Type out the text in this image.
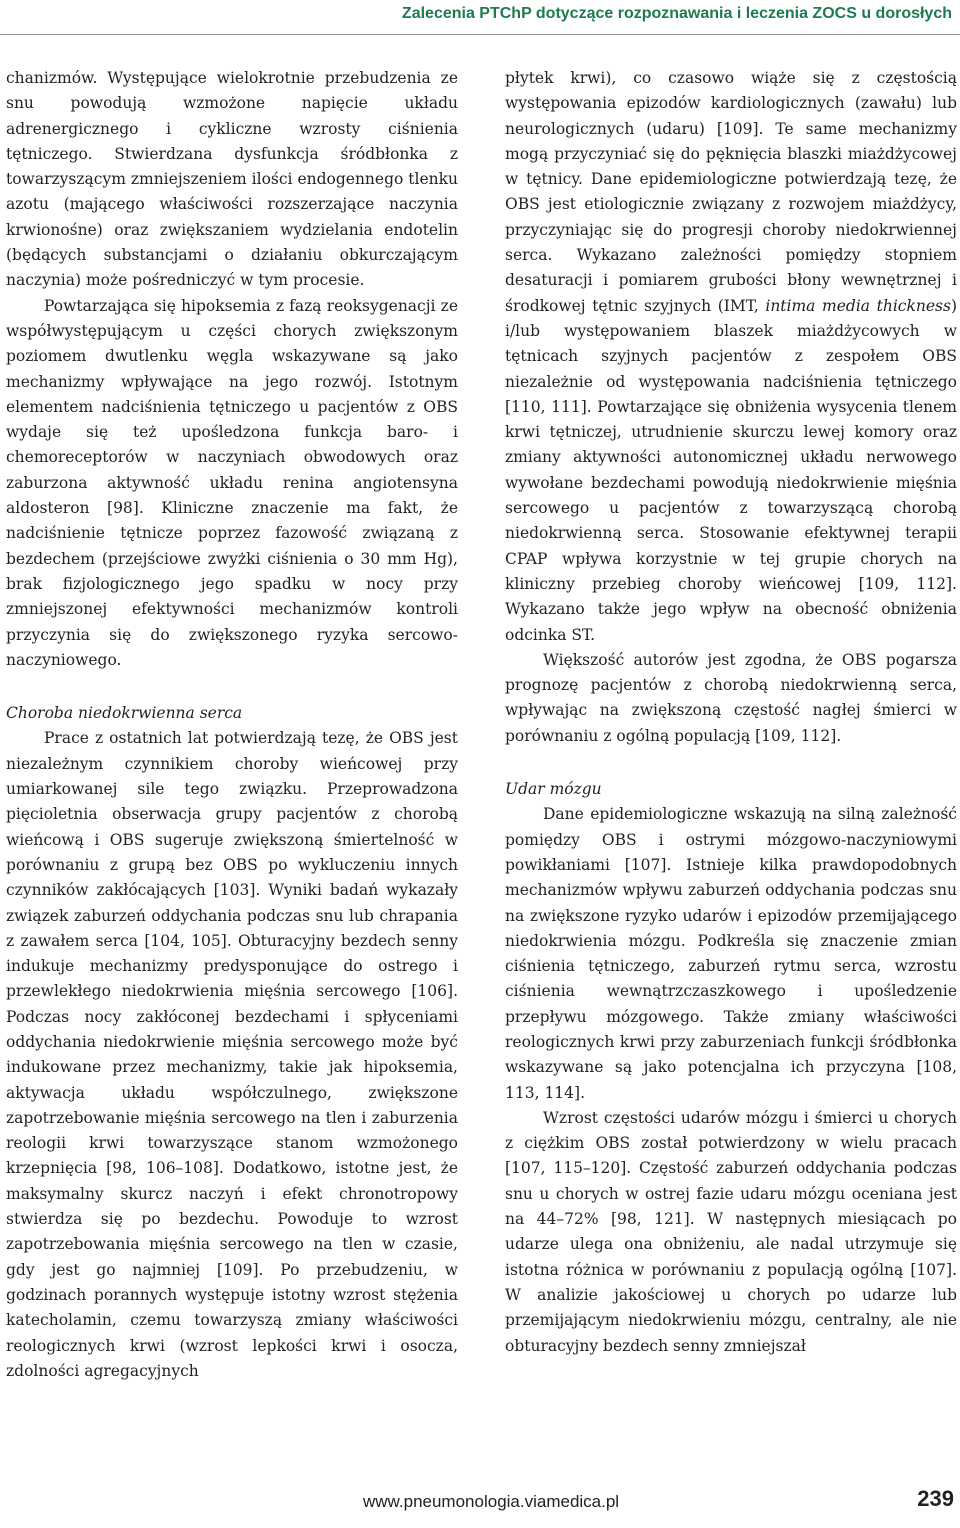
Zalecenia PTChP dotyczące rozpoznawania i leczenia ZOCS u dorosłych

chanizmów. Występujące wielokrotnie przebudzenia ze snu powodują wzmożone napięcie układu adrenergicznego i cykliczne wzrosty ciśnienia tętniczego. Stwierdzana dysfunkcja śródbłonka z towarzyszącym zmniejszeniem ilości endogennego tlenku azotu (mającego właściwości rozszerzające naczynia krwionośne) oraz zwiększaniem wydzielania endotelin (będących substancjami o działaniu obkurczającym naczynia) może pośredniczyć w tym procesie.

Powtarzająca się hipoksemia z fazą reoksygenacji ze współwystępującym u części chorych zwiększonym poziomem dwutlenku węgla wskazywane są jako mechanizmy wpływające na jego rozwój. Istotnym elementem nadciśnienia tętniczego u pacjentów z OBS wydaje się też upośledzona funkcja baro- i chemoreceptorów w naczyniach obwodowych oraz zaburzona aktywność układu renina angiotensyna aldosteron [98]. Kliniczne znaczenie ma fakt, że nadciśnienie tętnicze poprzez fazowość związaną z bezdechem (przejściowe zwyżki ciśnienia o 30 mm Hg), brak fizjologicznego jego spadku w nocy przy zmniejszonej efektywności mechanizmów kontroli przyczynia się do zwiększonego ryzyka sercowo-naczyniowego.

Choroba niedokrwienna serca

Prace z ostatnich lat potwierdzają tezę, że OBS jest niezależnym czynnikiem choroby wieńcowej przy umiarkowanej sile tego związku. Przeprowadzona pięcioletnia obserwacja grupy pacjentów z chorobą wieńcową i OBS sugeruje zwiększoną śmiertelność w porównaniu z grupą bez OBS po wykluczeniu innych czynników zakłócających [103]. Wyniki badań wykazały związek zaburzeń oddychania podczas snu lub chrapania z zawałem serca [104, 105]. Obturacyjny bezdech senny indukuje mechanizmy predysponujące do ostrego i przewlekłego niedokrwienia mięśnia sercowego [106]. Podczas nocy zakłóconej bezdechami i spłyceniami oddychania niedokrwienie mięśnia sercowego może być indukowane przez mechanizmy, takie jak hipoksemia, aktywacja układu współczulnego, zwiększone zapotrzebowanie mięśnia sercowego na tlen i zaburzenia reologii krwi towarzyszące stanom wzmożonego krzepnięcia [98, 106–108]. Dodatkowo, istotne jest, że maksymalny skurcz naczyń i efekt chronotropowy stwierdza się po bezdechu. Powoduje to wzrost zapotrzebowania mięśnia sercowego na tlen w czasie, gdy jest go najmniej [109]. Po przebudzeniu, w godzinach porannych występuje istotny wzrost stężenia katecholamin, czemu towarzyszą zmiany właściwości reologicznych krwi (wzrost lepkości krwi i osocza, zdolności agregacyjnych

płytek krwi), co czasowo wiąże się z częstością występowania epizodów kardiologicznych (zawału) lub neurologicznych (udaru) [109]. Te same mechanizmy mogą przyczyniać się do pęknięcia blaszki miażdżycowej w tętnicy. Dane epidemiologiczne potwierdzają tezę, że OBS jest etiologicznie związany z rozwojem miażdżycy, przyczyniając się do progresji choroby niedokrwiennej serca. Wykazano zależności pomiędzy stopniem desaturacji i pomiarem grubości błony wewnętrznej i środkowej tętnic szyjnych (IMT, intima media thickness) i/lub występowaniem blaszek miażdżycowych w tętnicach szyjnych pacjentów z zespołem OBS niezależnie od występowania nadciśnienia tętniczego [110, 111]. Powtarzające się obniżenia wysycenia tlenem krwi tętniczej, utrudnienie skurczu lewej komory oraz zmiany aktywności autonomicznej układu nerwowego wywołane bezdechami powodują niedokrwienie mięśnia sercowego u pacjentów z towarzyszącą chorobą niedokrwienną serca. Stosowanie efektywnej terapii CPAP wpływa korzystnie w tej grupie chorych na kliniczny przebieg choroby wieńcowej [109, 112]. Wykazano także jego wpływ na obecność obniżenia odcinka ST.

Większość autorów jest zgodna, że OBS pogarsza prognozę pacjentów z chorobą niedokrwienną serca, wpływając na zwiększoną częstość nagłej śmierci w porównaniu z ogólną populacją [109, 112].

Udar mózgu

Dane epidemiologiczne wskazują na silną zależność pomiędzy OBS i ostrymi mózgowo-naczyniowymi powikłaniami [107]. Istnieje kilka prawdopodobnych mechanizmów wpływu zaburzeń oddychania podczas snu na zwiększone ryzyko udarów i epizodów przemijającego niedokrwienia mózgu. Podkreśla się znaczenie zmian ciśnienia tętniczego, zaburzeń rytmu serca, wzrostu ciśnienia wewnątrzczaszkowego i upośledzenie przepływu mózgowego. Także zmiany właściwości reologicznych krwi przy zaburzeniach funkcji śródbłonka wskazywane są jako potencjalna ich przyczyna [108, 113, 114].

Wzrost częstości udarów mózgu i śmierci u chorych z ciężkim OBS został potwierdzony w wielu pracach [107, 115–120]. Częstość zaburzeń oddychania podczas snu u chorych w ostrej fazie udaru mózgu oceniana jest na 44–72% [98, 121]. W następnych miesiącach po udarze ulega ona obniżeniu, ale nadal utrzymuje się istotna różnica w porównaniu z populacją ogólną [107]. W analizie jakościowej u chorych po udarze lub przemijającym niedokrwieniu mózgu, centralny, ale nie obturacyjny bezdech senny zmniejszał

www.pneumonologia.viamedica.pl	239
